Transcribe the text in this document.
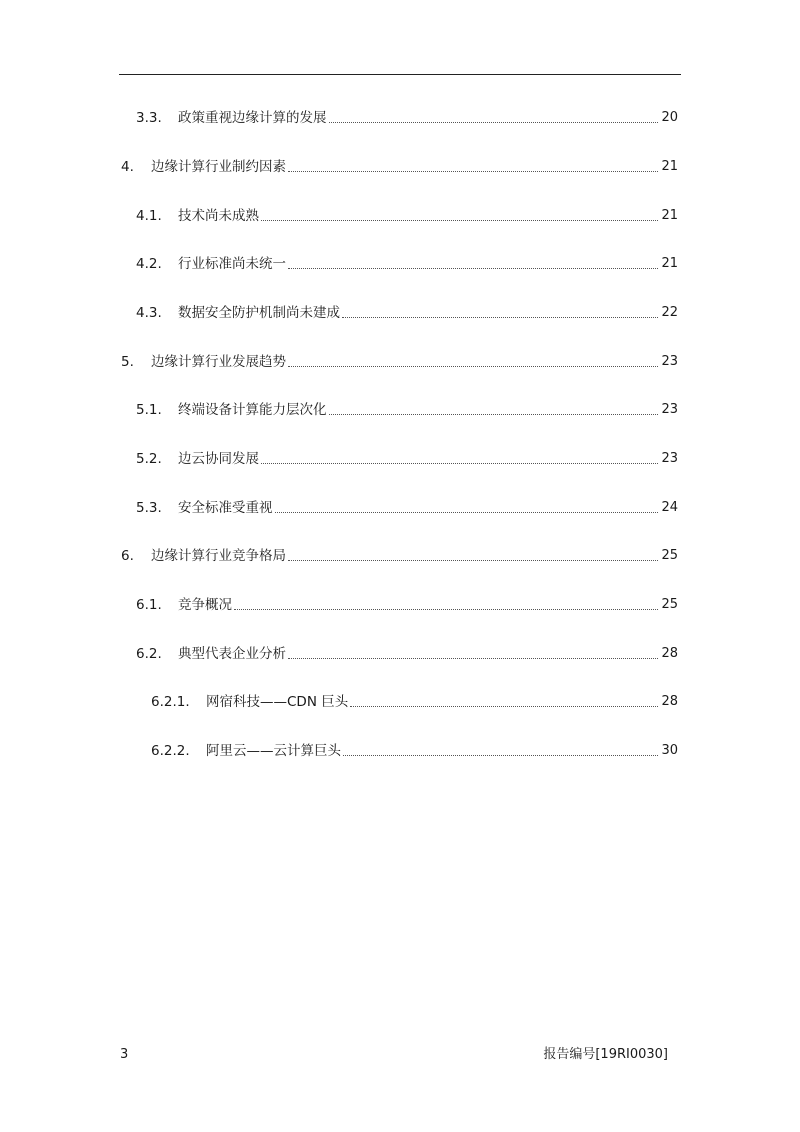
3.3.	政策重视边缘计算的发展	20
4.	边缘计算行业制约因素	21
4.1.	技术尚未成熟	21
4.2.	行业标准尚未统一	21
4.3.	数据安全防护机制尚未建成	22
5.	边缘计算行业发展趋势	23
5.1.	终端设备计算能力层次化	23
5.2.	边云协同发展	23
5.3.	安全标准受重视	24
6.	边缘计算行业竞争格局	25
6.1.	竞争概况	25
6.2.	典型代表企业分析	28
6.2.1.	网宿科技——CDN 巨头	28
6.2.2.	阿里云——云计算巨头	30
3	报告编号[19RI0030]
